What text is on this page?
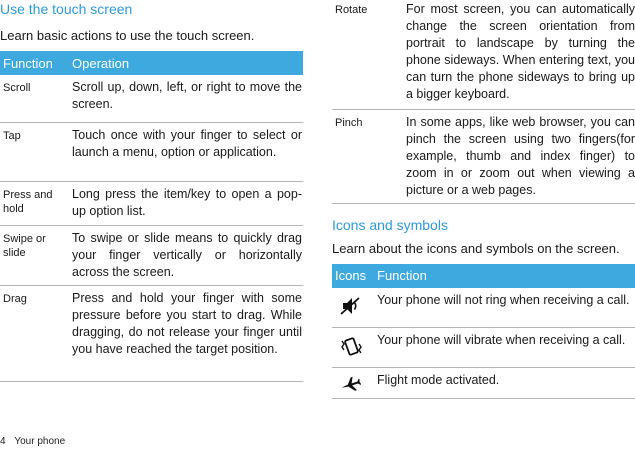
Use the touch screen

Learn basic actions to use the touch screen.

Function	Operation
Scroll	Scroll up, down, left, or right to move the screen.
Tap	Touch once with your finger to select or launch a menu, option or application.
Press and hold	Long press the item/key to open a pop-up option list.
Swipe or slide	To swipe or slide means to quickly drag your finger vertically or horizontally across the screen.
Drag	Press and hold your finger with some pressure before you start to drag. While dragging, do not release your finger until you have reached the target position.
Rotate	For most screen, you can automatically change the screen orientation from portrait to landscape by turning the phone sideways. When entering text, you can turn the phone sideways to bring up a bigger keyboard.
Pinch	In some apps, like web browser, you can pinch the screen using two fingers(for example, thumb and index finger) to zoom in or zoom out when viewing a picture or a web pages.
Icons and symbols

Learn about the icons and symbols on the screen.

Icons	Function

	Your phone will not ring when receiving a call.

	Your phone will vibrate when receiving a call.

	Flight mode activated.
4 Your phone
